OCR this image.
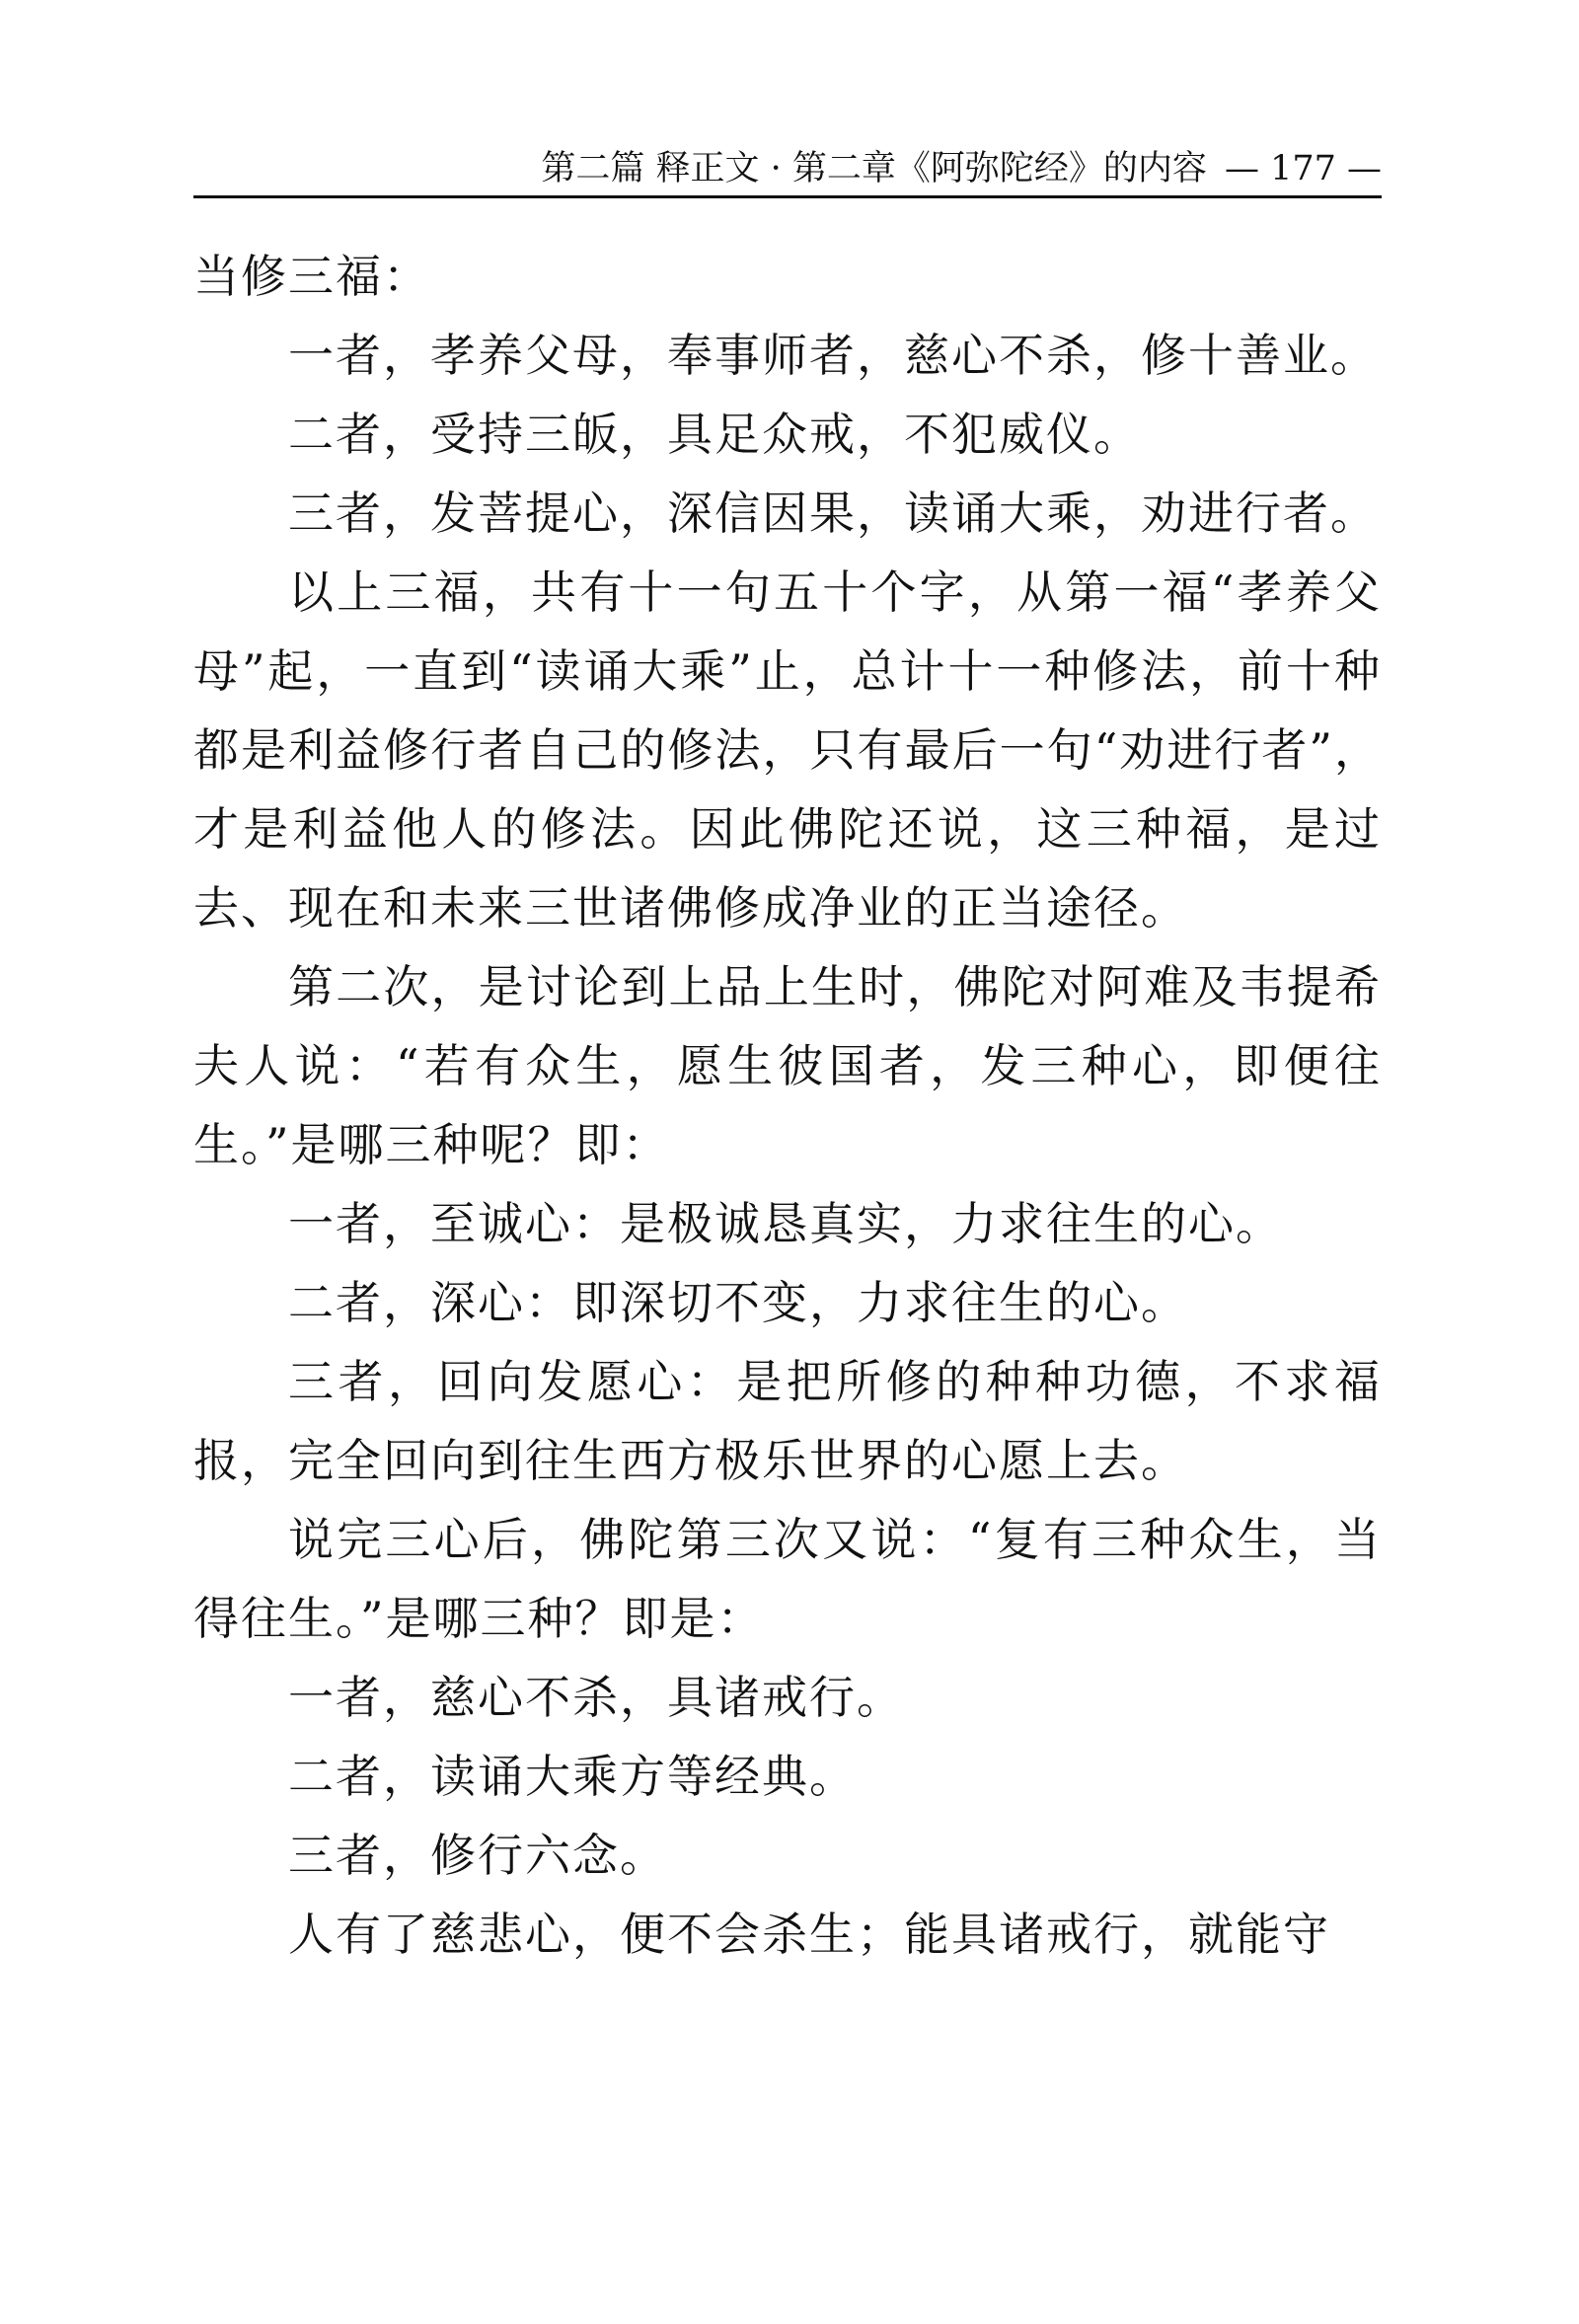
第二篇 释正文 · 第二章《阿弥陀经》的内容 — 177 —

当修三福：

一者，孝养父母，奉事师者，慈心不杀，修十善业。

二者，受持三皈，具足众戒，不犯威仪。

三者，发菩提心，深信因果，读诵大乘，劝进行者。

以上三福，共有十一句五十个字，从第一福“孝养父母”起，一直到“读诵大乘”止，总计十一种修法，前十种都是利益修行者自己的修法，只有最后一句“劝进行者”，才是利益他人的修法。因此佛陀还说，这三种福，是过去、现在和未来三世诸佛修成净业的正当途径。

第二次，是讨论到上品上生时，佛陀对阿难及韦提希夫人说：“若有众生，愿生彼国者，发三种心，即便往生。”是哪三种呢？即：

一者，至诚心：是极诚恳真实，力求往生的心。

二者，深心：即深切不变，力求往生的心。

三者，回向发愿心：是把所修的种种功德，不求福报，完全回向到往生西方极乐世界的心愿上去。

说完三心后，佛陀第三次又说：“复有三种众生，当得往生。”是哪三种？即是：

一者，慈心不杀，具诸戒行。

二者，读诵大乘方等经典。

三者，修行六念。

人有了慈悲心，便不会杀生；能具诸戒行，就能守
